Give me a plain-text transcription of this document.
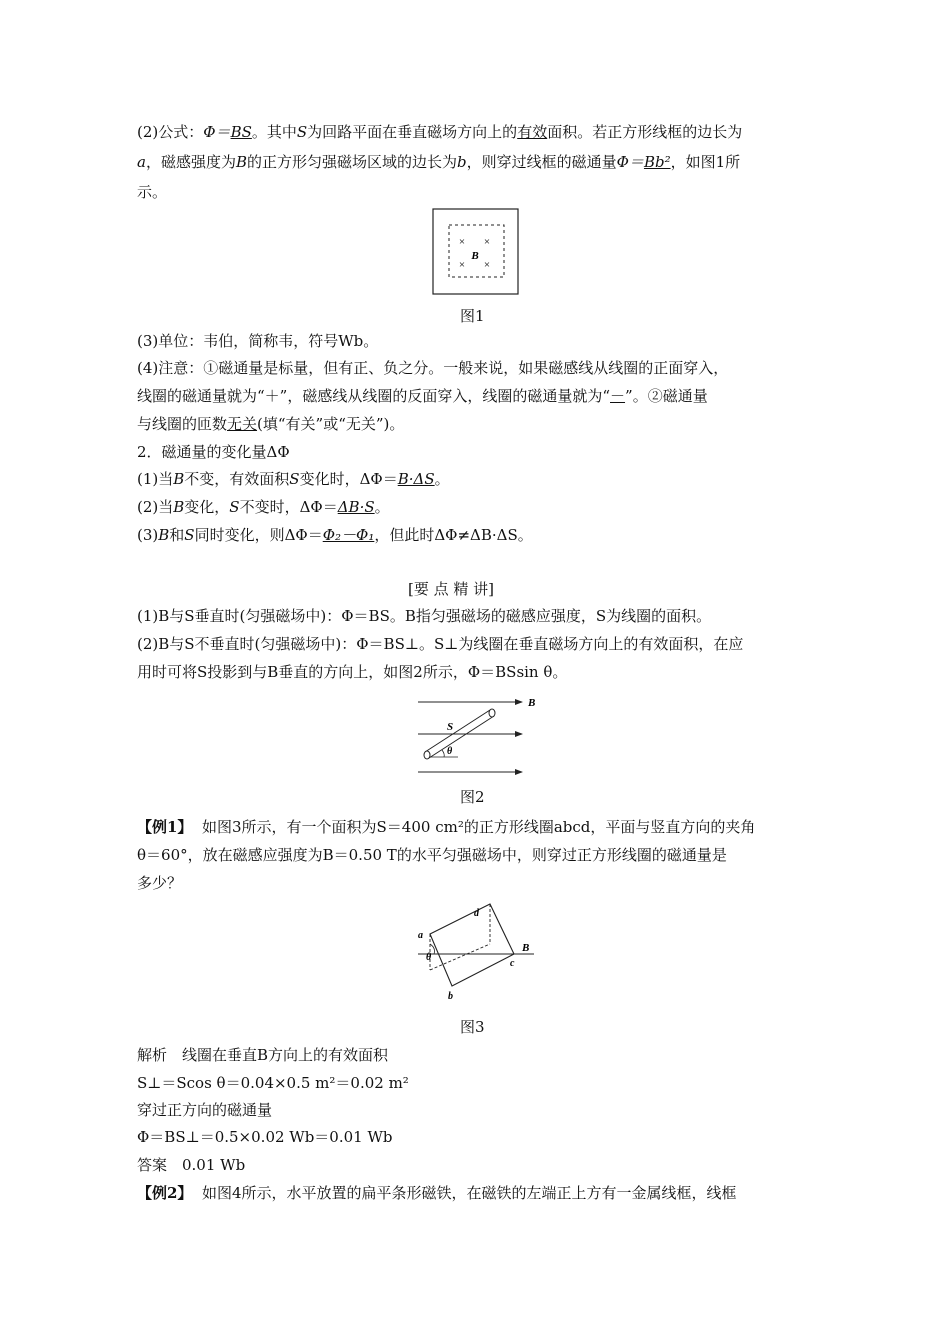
(2)公式：Φ＝BS。其中S为回路平面在垂直磁场方向上的有效面积。若正方形线框的边长为
a，磁感强度为B的正方形匀强磁场区域的边长为b，则穿过线框的磁通量Φ＝Bb²，如图1所
示。
× ×
× ×
B
图1
(3)单位：韦伯，简称韦，符号Wb。
(4)注意：①磁通量是标量，但有正、负之分。一般来说，如果磁感线从线圈的正面穿入，
线圈的磁通量就为“＋”，磁感线从线圈的反面穿入，线圈的磁通量就为“－”。②磁通量
与线圈的匝数无关(填“有关”或“无关”)。
2．磁通量的变化量ΔΦ
(1)当B不变，有效面积S变化时，ΔΦ＝B·ΔS。
(2)当B变化，S不变时，ΔΦ＝ΔB·S。
(3)B和S同时变化，则ΔΦ＝Φ₂－Φ₁，但此时ΔΦ≠ΔB·ΔS。
[要 点 精 讲]
(1)B与S垂直时(匀强磁场中)：Φ＝BS。B指匀强磁场的磁感应强度，S为线圈的面积。
(2)B与S不垂直时(匀强磁场中)：Φ＝BS⊥。S⊥为线圈在垂直磁场方向上的有效面积，在应
用时可将S投影到与B垂直的方向上，如图2所示，Φ＝BSsin θ。
B
S
θ
图2
【例1】 如图3所示，有一个面积为S＝400 cm²的正方形线圈abcd，平面与竖直方向的夹角
θ＝60°，放在磁感应强度为B＝0.50 T的水平匀强磁场中，则穿过正方形线圈的磁通量是
多少？
a
b
c
d
B
θ
图3
解析　线圈在垂直B方向上的有效面积
S⊥＝Scos θ＝0.04×0.5 m²＝0.02 m²
穿过正方向的磁通量
Φ＝BS⊥＝0.5×0.02 Wb＝0.01 Wb
答案　0.01 Wb
【例2】 如图4所示，水平放置的扁平条形磁铁，在磁铁的左端正上方有一金属线框，线框
